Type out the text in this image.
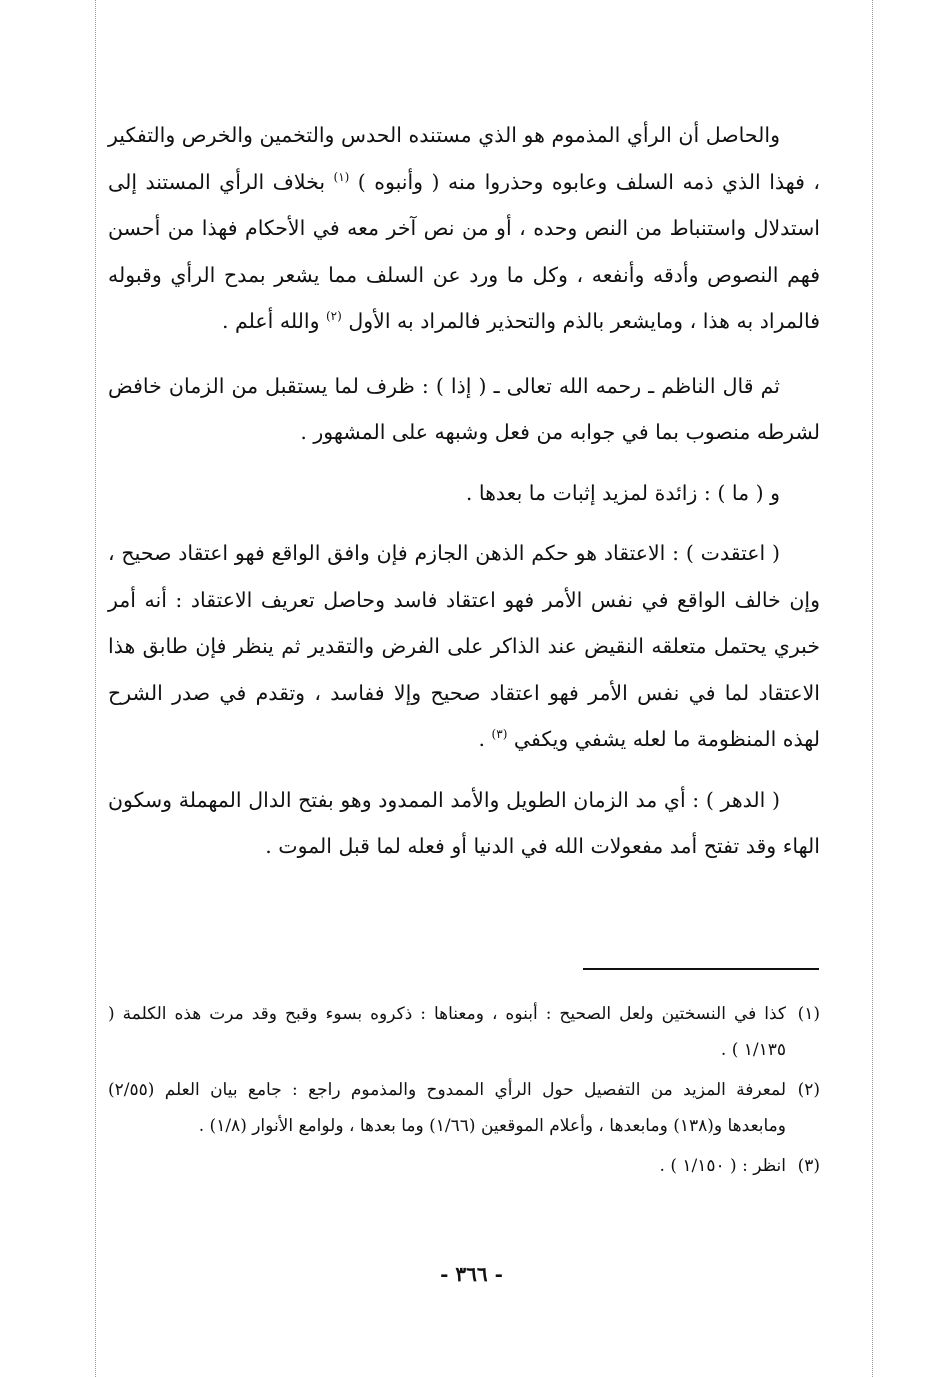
والحاصل أن الرأي المذموم هو الذي مستنده الحدس والتخمين والخرص والتفكير ، فهذا الذي ذمه السلف وعابوه وحذروا منه ( وأنبوه ) $^{(١)}$ بخلاف الرأي المستند إلى استدلال واستنباط من النص وحده ، أو من نص آخر معه في الأحكام فهذا من أحسن فهم النصوص وأدقه وأنفعه ، وكل ما ورد عن السلف مما يشعر بمدح الرأي وقبوله فالمراد به هذا ، ومايشعر بالذم والتحذير فالمراد به الأول $^{(٢)}$ والله أعلم .

ثم قال الناظم ـ رحمه الله تعالى ـ ( إذا ) : ظرف لما يستقبل من الزمان خافض لشرطه منصوب بما في جوابه من فعل وشبهه على المشهور .

و ( ما ) : زائدة لمزيد إثبات ما بعدها .

( اعتقدت ) : الاعتقاد هو حكم الذهن الجازم فإن وافق الواقع فهو اعتقاد صحيح ، وإن خالف الواقع في نفس الأمر فهو اعتقاد فاسد وحاصل تعريف الاعتقاد : أنه أمر خبري يحتمل متعلقه النقيض عند الذاكر على الفرض والتقدير ثم ينظر فإن طابق هذا الاعتقاد لما في نفس الأمر فهو اعتقاد صحيح وإلا ففاسد ، وتقدم في صدر الشرح لهذه المنظومة ما لعله يشفي ويكفي $^{(٣)}$ .

( الدهر ) : أي مد الزمان الطويل والأمد الممدود وهو بفتح الدال المهملة وسكون الهاء وقد تفتح أمد مفعولات الله في الدنيا أو فعله لما قبل الموت .

(١)
كذا في النسختين ولعل الصحيح : أبنوه ، ومعناها : ذكروه بسوء وقبح وقد مرت هذه الكلمة ( ١/١٣٥ ) .
(٢)
لمعرفة المزيد من التفصيل حول الرأي الممدوح والمذموم راجع : جامع بيان العلم (٢/٥٥) ومابعدها و(١٣٨) ومابعدها ، وأعلام الموقعين (١/٦٦) وما بعدها ، ولوامع الأنوار (١/٨) .
(٣)
انظر : ( ١/١٥٠ ) .
- ٣٦٦ -
